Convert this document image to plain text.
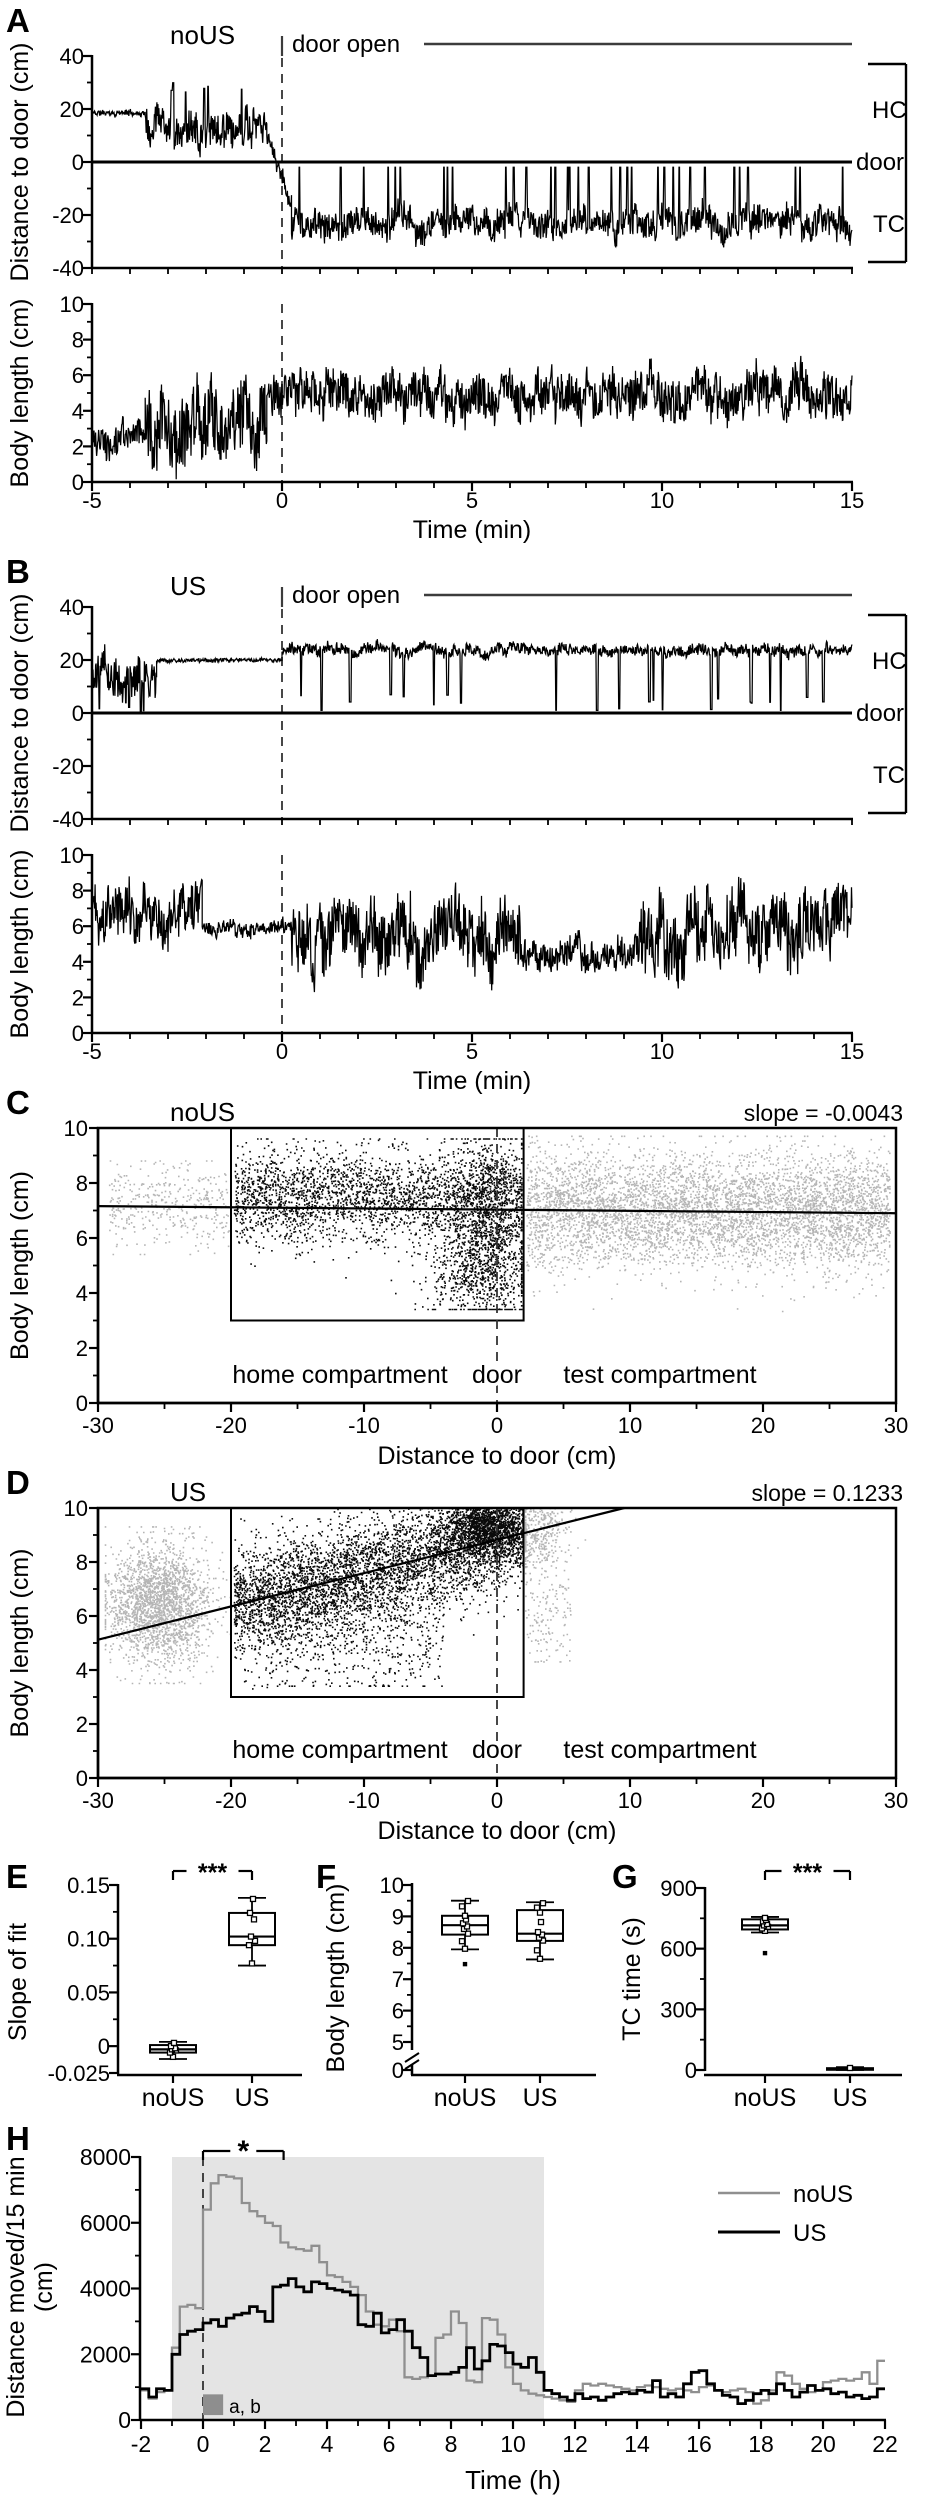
noUS door open
40
20
0
-20
-40
Distance to door (cm)	HC
door
TC
0
2
4
6
8
10
-5	0	5	10	15
Body length (cm)
Time (min)
US	door open
40
20
0
-20
-40
Distance to door (cm)	HC
door
TC
0
2
4
6
8
10
-5	0	5	10	15
Body length (cm)
Time (min)
0
2
4
6
8
10
-30	-20	-10	0	10	20	30
home compartment door test compartment
noUS	slope = -0.0043
Body length (cm)
Distance to door (cm)
0
2
4
6
8
10
-30	-20	-10	0	10	20	30
home compartment door test compartment
US	slope = 0.1233
Body length (cm)
Distance to door (cm)
0.15
0.10
0.05
0
-0.025
noUS US
***
Slope of fit
10
9
8
7
6
5
0
noUS US
Body length (cm)	900
600
300
0
noUS US
***
TC time (s)
a, b
8000
6000
4000
2000
0
-2 0 2 4 6 8 10 12 14 16 18 20 22
*
Distance moved/15 min (cm)
Time (h)
noUS
US
A
B
C
D
E	F	G
H
